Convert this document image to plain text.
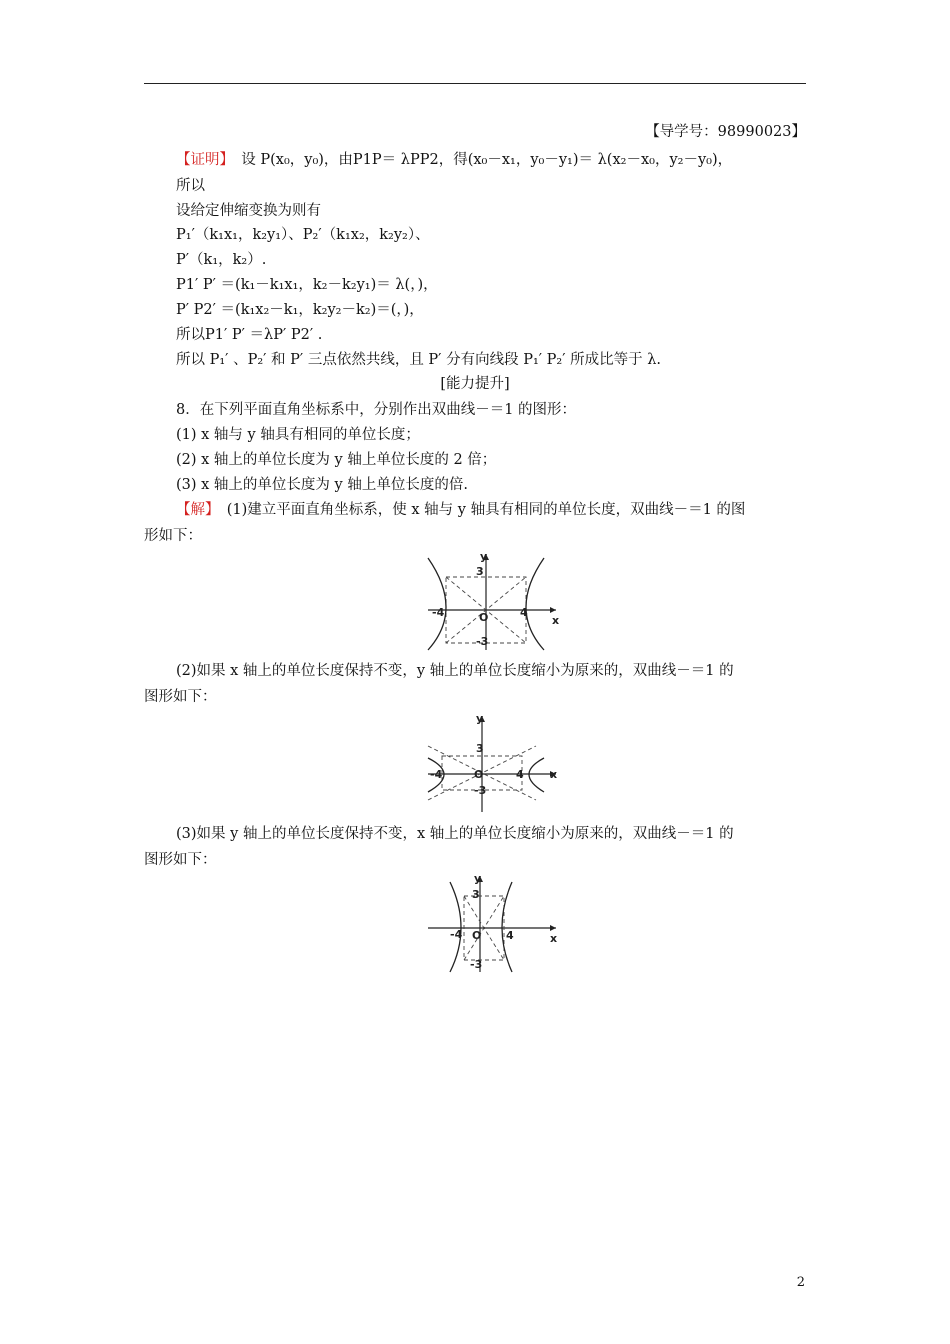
【导学号：98990023】
【证明】　设 P(x₀，y₀)，由P1P＝ λPP2，得(x₀－x₁，y₀－y₁)＝ λ(x₂－x₀，y₂－y₀)，
所以
设给定伸缩变换为则有
P₁′（k₁x₁，k₂y₁）、P₂′（k₁x₂，k₂y₂）、
P′（k₁，k₂）.
P1′ P′ ＝(k₁－k₁x₁，k₂－k₂y₁)＝ λ(，)，
P′ P2′ ＝(k₁x₂－k₁，k₂y₂－k₂)＝(，)，
所以P1′ P′ ＝λP′ P2′ .
所以 P₁′ 、P₂′ 和 P′ 三点依然共线，且 P′ 分有向线段 P₁′ P₂′ 所成比等于 λ.
[能力提升]
8．在下列平面直角坐标系中，分别作出双曲线－＝1 的图形：
(1) x 轴与 y 轴具有相同的单位长度；
(2) x 轴上的单位长度为 y 轴上单位长度的 2 倍；
(3) x 轴上的单位长度为 y 轴上单位长度的倍.
【解】　(1)建立平面直角坐标系，使 x 轴与 y 轴具有相同的单位长度，双曲线－＝1 的图
形如下：
y
x
3
-3
4
-4	O
(2)如果 x 轴上的单位长度保持不变，y 轴上的单位长度缩小为原来的，双曲线－＝1 的
图形如下：
y
x
3
-3
4
-4	O
(3)如果 y 轴上的单位长度保持不变，x 轴上的单位长度缩小为原来的，双曲线－＝1 的
图形如下：
y
x
3
-3
4
-4 O
2
